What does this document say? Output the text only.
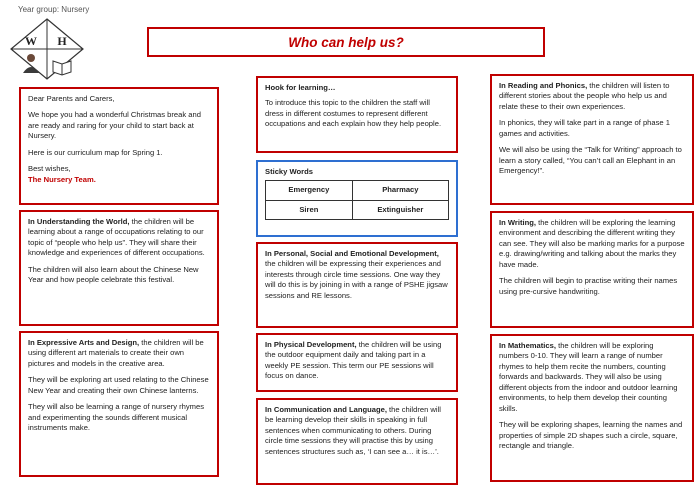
Year group: Nursery
W H	Who can help us?

Dear Parents and Carers,

We hope you had a wonderful Christmas break and are ready and raring for your child to start back at Nursery.

Here is our curriculum map for Spring 1.

Best wishes,

The Nursery Team.

In Understanding the World, the children will be learning about a range of occupations relating to our topic of “people who help us”. They will share their knowledge and experiences of different occupations.

The children will also learn about the Chinese New Year and how people celebrate this festival.

In Expressive Arts and Design, the children will be using different art materials to create their own pictures and models in the creative area.

They will be exploring art used relating to the Chinese New Year and creating their own Chinese lanterns.

They will also be learning a range of nursery rhymes and experimenting the sounds different musical instruments make.

Hook for learning…

To introduce this topic to the children the staff will dress in different costumes to represent different occupations and each explain how they help people.

Sticky Words
Emergency	Pharmacy
Siren	Extinguisher

In Personal, Social and Emotional Development, the children will be expressing their experiences and interests through circle time sessions. One way they will do this is by joining in with a range of PSHE jigsaw sessions and RE lessons.

In Physical Development, the children will be using the outdoor equipment daily and taking part in a weekly PE session. This term our PE sessions will focus on dance.

In Communication and Language, the children will be learning develop their skills in speaking in full sentences when communicating to others. During circle time sessions they will practise this by using sentences structures such as, ‘I can see a… it is…’.

In Reading and Phonics, the children will listen to different stories about the people who help us and relate these to their own experiences.

In phonics, they will take part in a range of phase 1 games and activities.

We will also be using the “Talk for Writing” approach to learn a story called, “You can’t call an Elephant in an Emergency!”.

In Writing, the children will be exploring the learning environment and describing the different writing they can see. They will also be marking marks for a purpose e.g. drawing/writing and talking about the marks they have made.

The children will begin to practise writing their names using pre-cursive handwriting.

In Mathematics, the children will be exploring numbers 0-10. They will learn a range of number rhymes to help them recite the numbers, counting forwards and backwards. They will also be using different objects from the indoor and outdoor learning environments, to help them develop their counting skills.

They will be exploring shapes, learning the names and properties of simple 2D shapes such a circle, square, rectangle and triangle.
